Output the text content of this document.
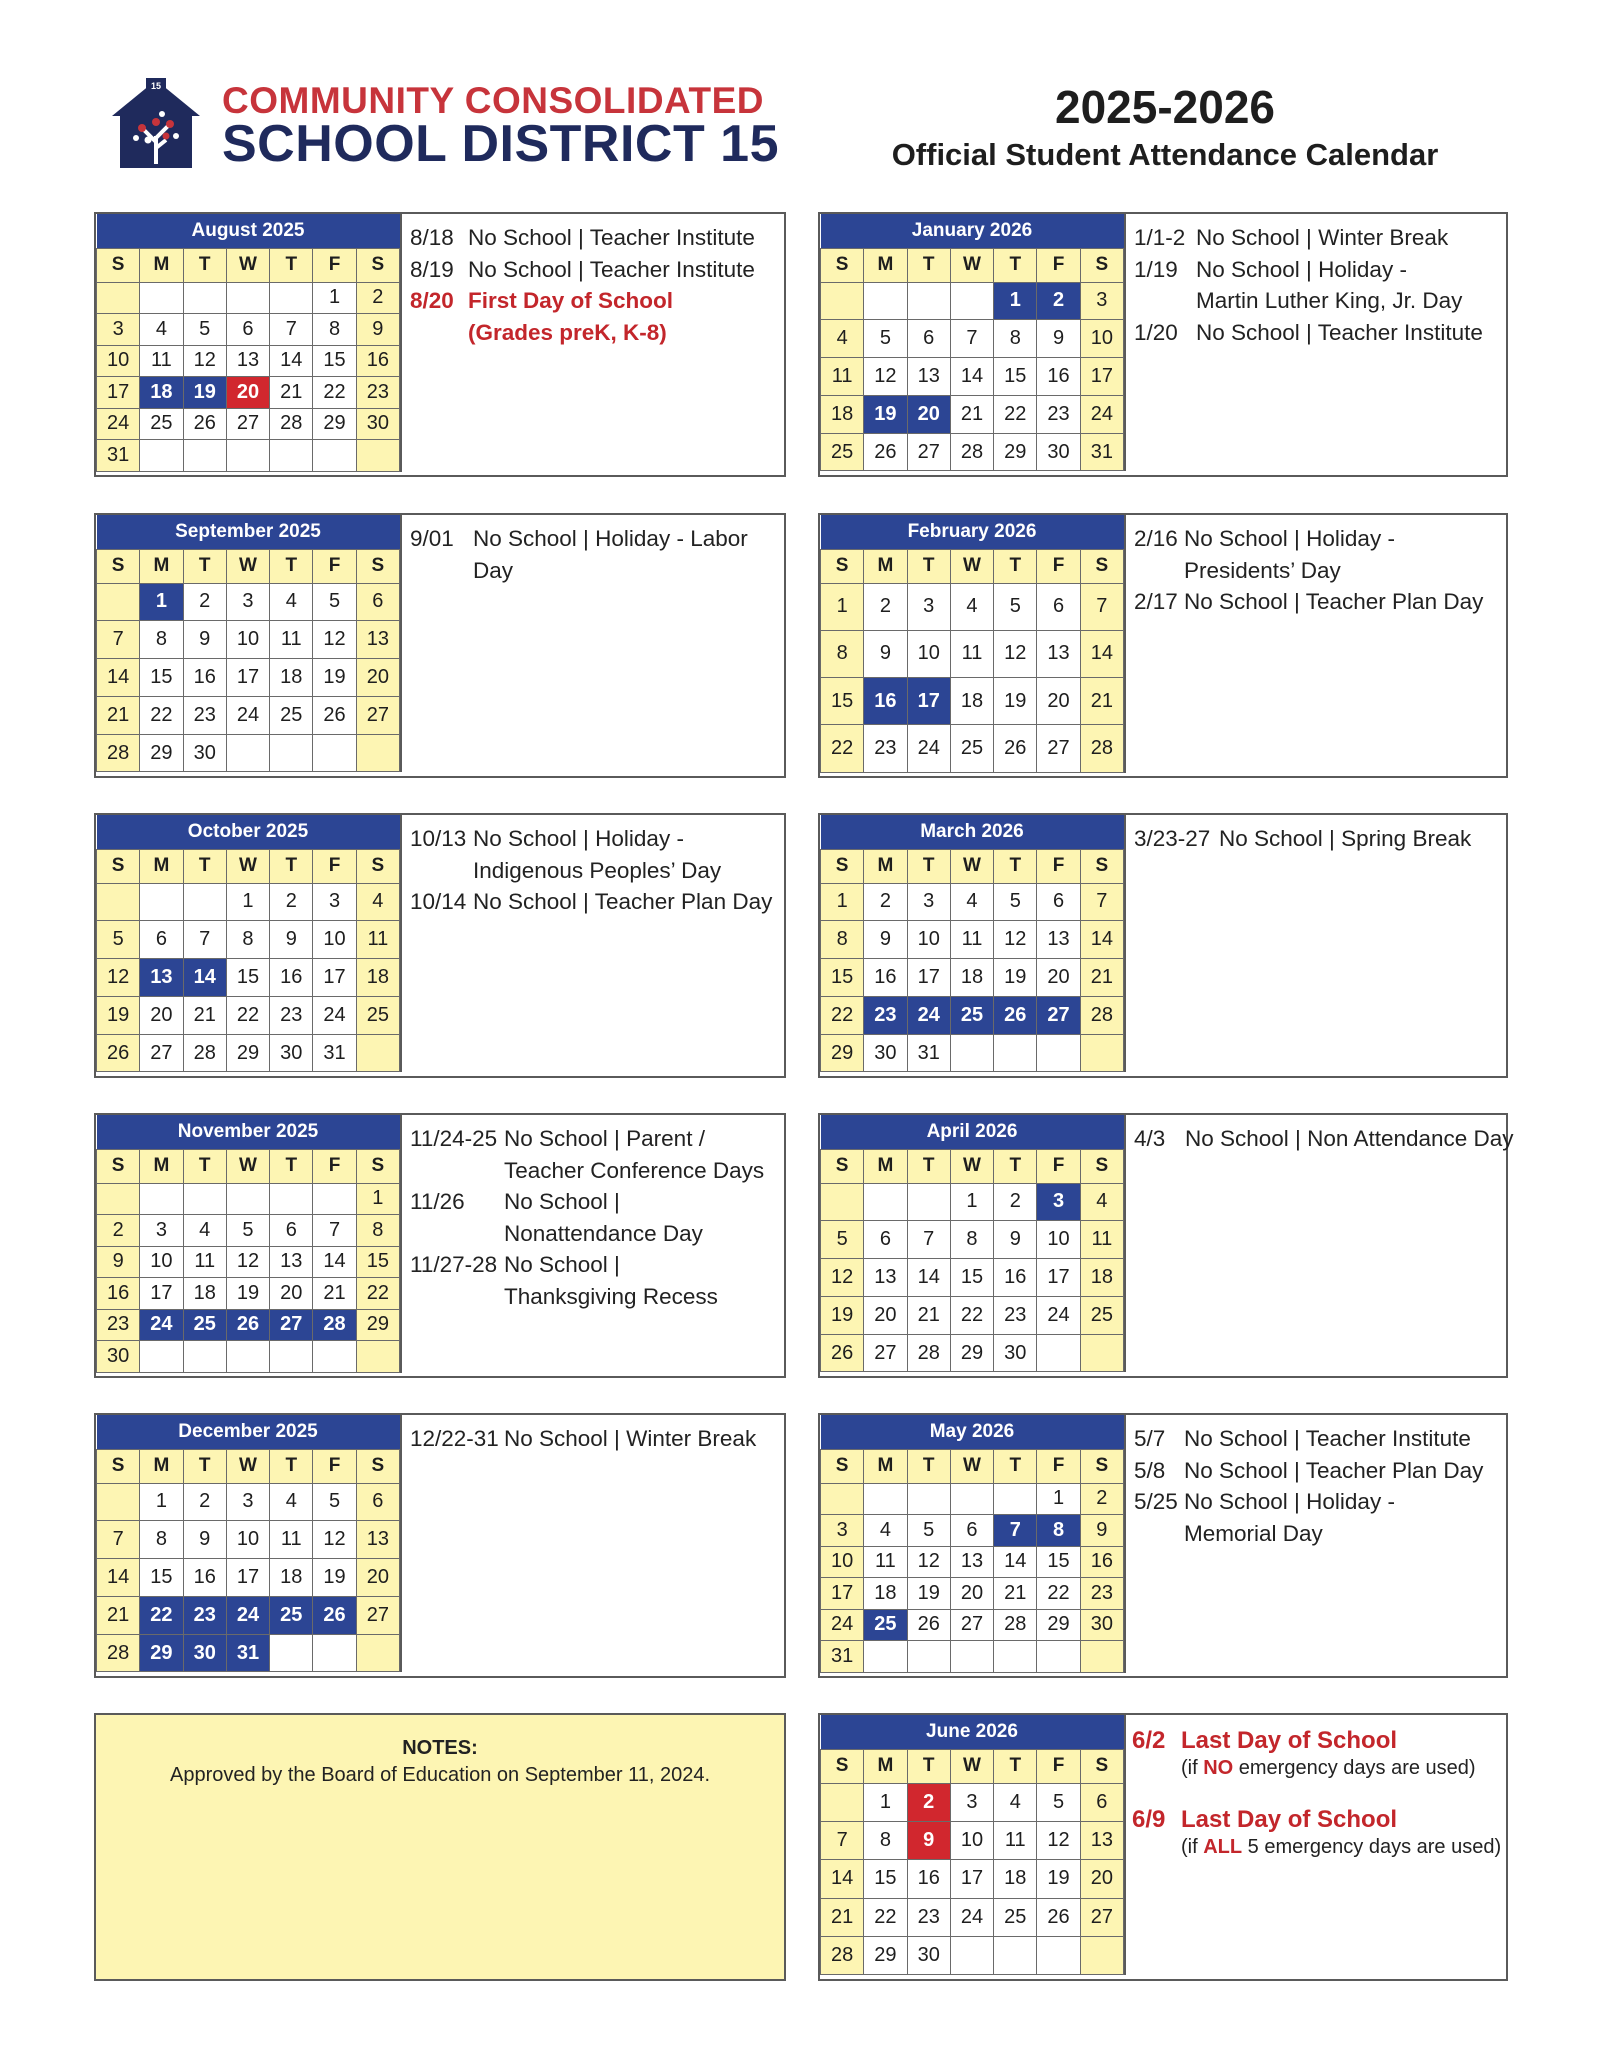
15 COMMUNITY CONSOLIDATED
SCHOOL DISTRICT 15
2025-2026
Official Student Attendance Calendar
August 2025						
S	M	T	W	T	F	S
					1	2
3	4	5	6	7	8	9
10	11	12	13	14	15	16
17	18	19	20	21	22	23
24	25	26	27	28	29	30
31						
8/18 No School | Teacher Institute
8/19 No School | Teacher Institute
8/20 First Day of School
(Grades preK, K-8)
January 2026						
S	M	T	W	T	F	S
				1	2	3
4	5	6	7	8	9	10
11	12	13	14	15	16	17
18	19	20	21	22	23	24
25	26	27	28	29	30	31
1/1-2 No School | Winter Break
1/19 No School | Holiday -
Martin Luther King, Jr. Day
1/20 No School | Teacher Institute
September 2025						
S	M	T	W	T	F	S
	1	2	3	4	5	6
7	8	9	10	11	12	13
14	15	16	17	18	19	20
21	22	23	24	25	26	27
28	29	30				
9/01 No School | Holiday - Labor
Day
February 2026						
S	M	T	W	T	F	S
1	2	3	4	5	6	7
8	9	10	11	12	13	14
15	16	17	18	19	20	21
22	23	24	25	26	27	28
2/16 No School | Holiday -
Presidents’ Day
2/17 No School | Teacher Plan Day
October 2025						
S	M	T	W	T	F	S
			1	2	3	4
5	6	7	8	9	10	11
12	13	14	15	16	17	18
19	20	21	22	23	24	25
26	27	28	29	30	31	
10/13 No School | Holiday -
Indigenous Peoples’ Day
10/14 No School | Teacher Plan Day
March 2026						
S	M	T	W	T	F	S
1	2	3	4	5	6	7
8	9	10	11	12	13	14
15	16	17	18	19	20	21
22	23	24	25	26	27	28
29	30	31				
3/23-27 No School | Spring Break
November 2025						
S	M	T	W	T	F	S
						1
2	3	4	5	6	7	8
9	10	11	12	13	14	15
16	17	18	19	20	21	22
23	24	25	26	27	28	29
30						
11/24-25 No School | Parent /
Teacher Conference Days
11/26	No School |
Nonattendance Day
11/27-28 No School |
Thanksgiving Recess
April 2026						
S	M	T	W	T	F	S
			1	2	3	4
5	6	7	8	9	10	11
12	13	14	15	16	17	18
19	20	21	22	23	24	25
26	27	28	29	30		
4/3 No School | Non Attendance Day
December 2025						
S	M	T	W	T	F	S
	1	2	3	4	5	6
7	8	9	10	11	12	13
14	15	16	17	18	19	20
21	22	23	24	25	26	27
28	29	30	31			
12/22-31 No School | Winter Break	May 2026						
S	M	T	W	T	F	S
					1	2
3	4	5	6	7	8	9
10	11	12	13	14	15	16
17	18	19	20	21	22	23
24	25	26	27	28	29	30
31						
5/7 No School | Teacher Institute
5/8 No School | Teacher Plan Day
5/25 No School | Holiday -
Memorial Day
June 2026						
S	M	T	W	T	F	S
	1	2	3	4	5	6
7	8	9	10	11	12	13
14	15	16	17	18	19	20
21	22	23	24	25	26	27
28	29	30				
6/2 Last Day of School
(if NO emergency days are used)
6/9 Last Day of School
(if ALL 5 emergency days are used)
NOTES:
Approved by the Board of Education on September 11, 2024.
